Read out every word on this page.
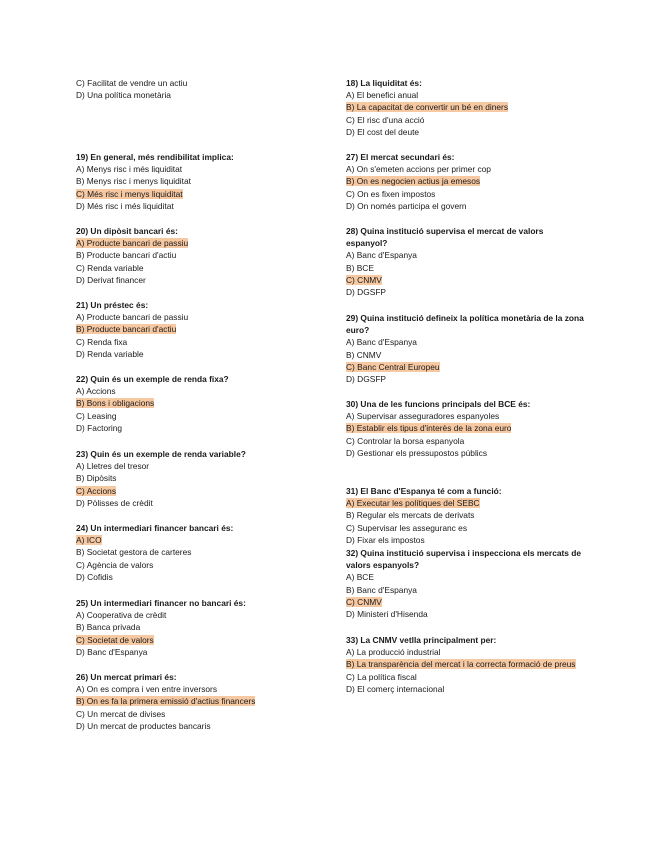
C) Facilitat de vendre un actiu

D) Una política monetària

19) En general, més rendibilitat implica:

A) Menys risc i més liquiditat

B) Menys risc i menys liquiditat

C) Més risc i menys liquiditat

D) Més risc i més liquiditat

20) Un dipòsit bancari és:

A) Producte bancari de passiu

B) Producte bancari d'actiu

C) Renda variable

D) Derivat financer

21) Un préstec és:

A) Producte bancari de passiu

B) Producte bancari d'actiu

C) Renda fixa

D) Renda variable

22) Quin és un exemple de renda fixa?

A) Accions

B) Bons i obligacions

C) Leasing

D) Factoring

23) Quin és un exemple de renda variable?

A) Lletres del tresor

B) Dipòsits

C) Accions

D) Pòlisses de crèdit

24) Un intermediari financer bancari és:

A) ICO

B) Societat gestora de carteres

C) Agència de valors

D) Cofidis

25) Un intermediari financer no bancari és:

A) Cooperativa de crèdit

B) Banca privada

C) Societat de valors

D) Banc d'Espanya

26) Un mercat primari és:

A) On es compra i ven entre inversors

B) On es fa la primera emissió d'actius financers

C) Un mercat de divises

D) Un mercat de productes bancaris

18) La liquiditat és:

A) El benefici anual

B) La capacitat de convertir un bé en diners

C) El risc d'una acció

D) El cost del deute

27) El mercat secundari és:

A) On s'emeten accions per primer cop

B) On es negocien actius ja emesos

C) On es fixen impostos

D) On només participa el govern

28) Quina institució supervisa el mercat de valors espanyol?

A) Banc d'Espanya

B) BCE

C) CNMV

D) DGSFP

29) Quina institució defineix la política monetària de la zona euro?

A) Banc d'Espanya

B) CNMV

C) Banc Central Europeu

D) DGSFP

30) Una de les funcions principals del BCE és:

A) Supervisar asseguradores espanyoles

B) Establir els tipus d'interès de la zona euro

C) Controlar la borsa espanyola

D) Gestionar els pressupostos públics

31) El Banc d'Espanya té com a funció:

A) Executar les polítiques del SEBC

B) Regular els mercats de derivats

C) Supervisar les asseguranc es

D) Fixar els impostos

32) Quina institució supervisa i inspecciona els mercats de valors espanyols?

A) BCE

B) Banc d'Espanya

C) CNMV

D) Ministeri d'Hisenda

33) La CNMV vetlla principalment per:

A) La producció industrial

B) La transparència del mercat i la correcta formació de preus

C) La política fiscal

D) El comerç internacional
